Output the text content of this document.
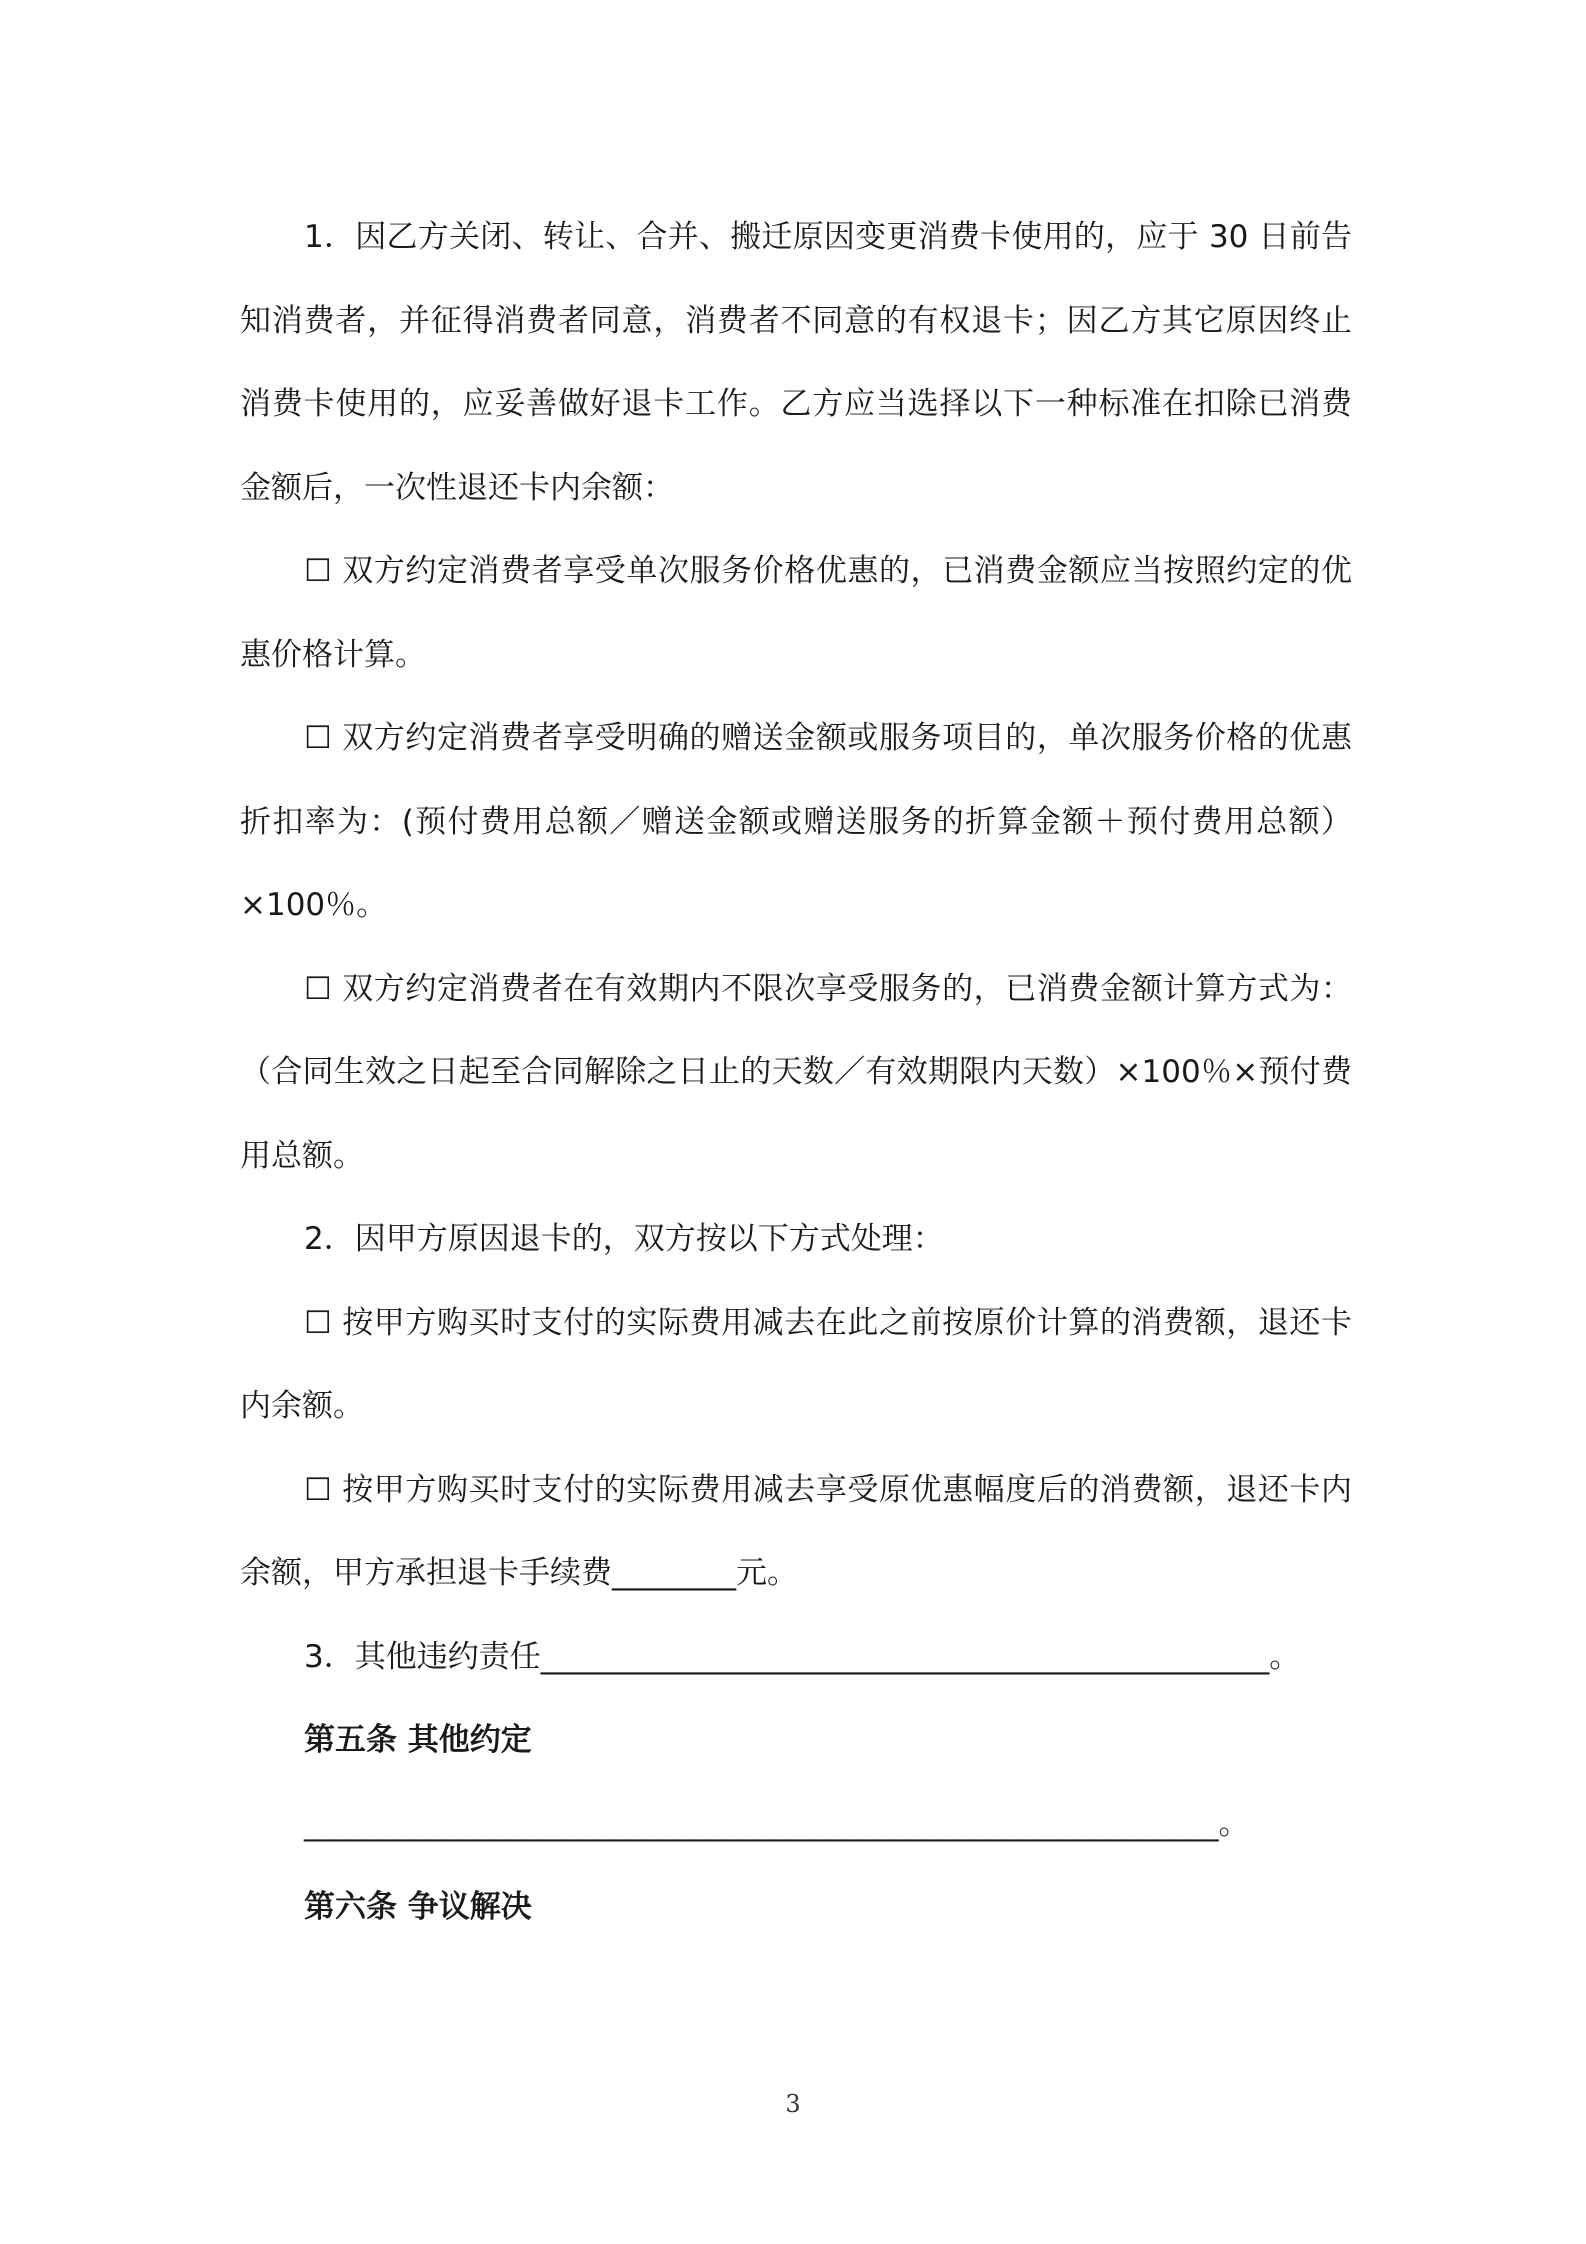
1．因乙方关闭、转让、合并、搬迁原因变更消费卡使用的，应于 30 日前告知消费者，并征得消费者同意，消费者不同意的有权退卡；因乙方其它原因终止消费卡使用的，应妥善做好退卡工作。乙方应当选择以下一种标准在扣除已消费金额后，一次性退还卡内余额：

☐ 双方约定消费者享受单次服务价格优惠的，已消费金额应当按照约定的优惠价格计算。

☐ 双方约定消费者享受明确的赠送金额或服务项目的，单次服务价格的优惠折扣率为：(预付费用总额／赠送金额或赠送服务的折算金额＋预付费用总额）×100％。

☐ 双方约定消费者在有效期内不限次享受服务的，已消费金额计算方式为：（合同生效之日起至合同解除之日止的天数／有效期限内天数）×100％×预付费用总额。

2．因甲方原因退卡的，双方按以下方式处理：

☐ 按甲方购买时支付的实际费用减去在此之前按原价计算的消费额，退还卡内余额。

☐ 按甲方购买时支付的实际费用减去享受原优惠幅度后的消费额，退还卡内余额，甲方承担退卡手续费________元。

3．其他违约责任_______________________________________________。

第五条 其他约定

___________________________________________________________。

第六条 争议解决

3
